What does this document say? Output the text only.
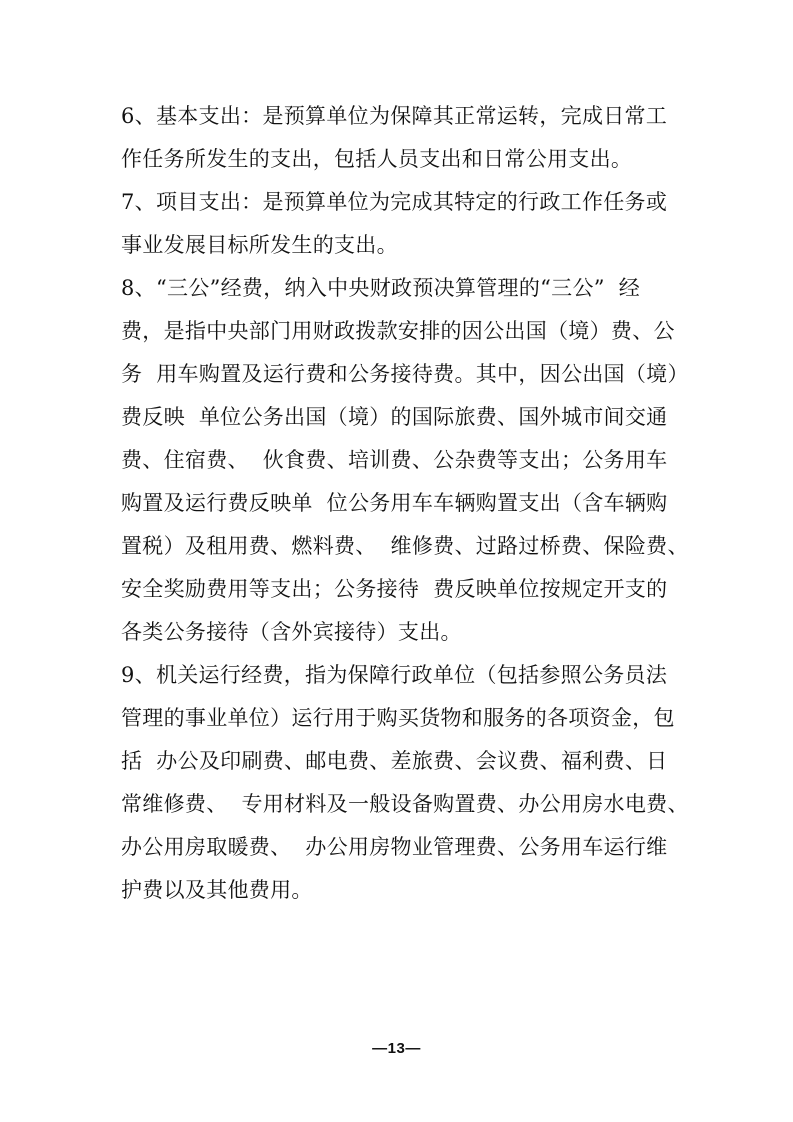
6、基本支出：是预算单位为保障其正常运转，完成日常工
作任务所发生的支出，包括人员支出和日常公用支出。
7、项目支出：是预算单位为完成其特定的行政工作任务或
事业发展目标所发生的支出。
8、“三公”经费，纳入中央财政预决算管理的“三公”  经
费，是指中央部门用财政拨款安排的因公出国（境）费、公
务  用车购置及运行费和公务接待费。其中，因公出国（境）
费反映  单位公务出国（境）的国际旅费、国外城市间交通
费、住宿费、  伙食费、培训费、公杂费等支出；公务用车
购置及运行费反映单  位公务用车车辆购置支出（含车辆购
置税）及租用费、燃料费、  维修费、过路过桥费、保险费、
安全奖励费用等支出；公务接待  费反映单位按规定开支的
各类公务接待（含外宾接待）支出。
9、机关运行经费，指为保障行政单位（包括参照公务员法
管理的事业单位）运行用于购买货物和服务的各项资金，包
括  办公及印刷费、邮电费、差旅费、会议费、福利费、日
常维修费、  专用材料及一般设备购置费、办公用房水电费、
办公用房取暖费、  办公用房物业管理费、公务用车运行维
护费以及其他费用。
—13—
